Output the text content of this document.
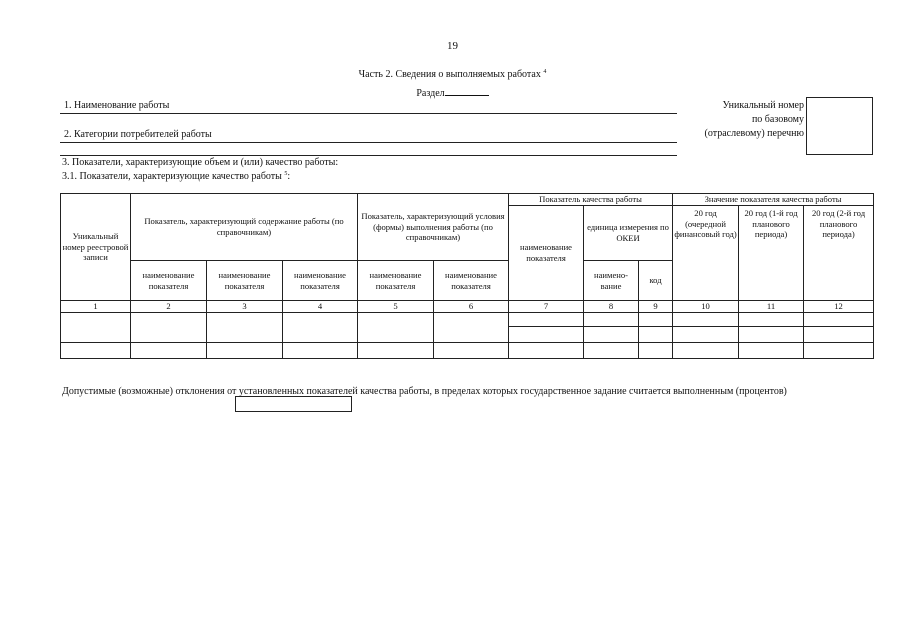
19
Часть 2. Сведения о выполняемых работах $^4$
Раздел
1. Наименование работы
2. Категории потребителей работы
Уникальный номер
по базовому
(отраслевому) перечню
3. Показатели, характеризующие объем и (или) качество работы:
3.1. Показатели, характеризующие качество работы $^5$:
Уникальный номер реестровой записи	Показатель, характеризующий содержание работы (по справочникам)			Показатель, характеризующий условия (формы) выполнения работы (по справочникам)		Показатель качества работы			Значение показателя качества работы		
						наименование показателя	единица измерения по ОКЕИ		20 год (очередной финансовый год)	20 год (1-й год планового периода)	20 год (2-й год планового периода)
	наименование показателя	наименование показателя	наименование показателя	наименование показателя	наименование показателя		наимено-вание	код			
1	2	3	4	5	6	7	8	9	10	11	12

Допустимые (возможные) отклонения от установленных показателей качества работы, в пределах которых государственное задание считается выполненным (процентов)
